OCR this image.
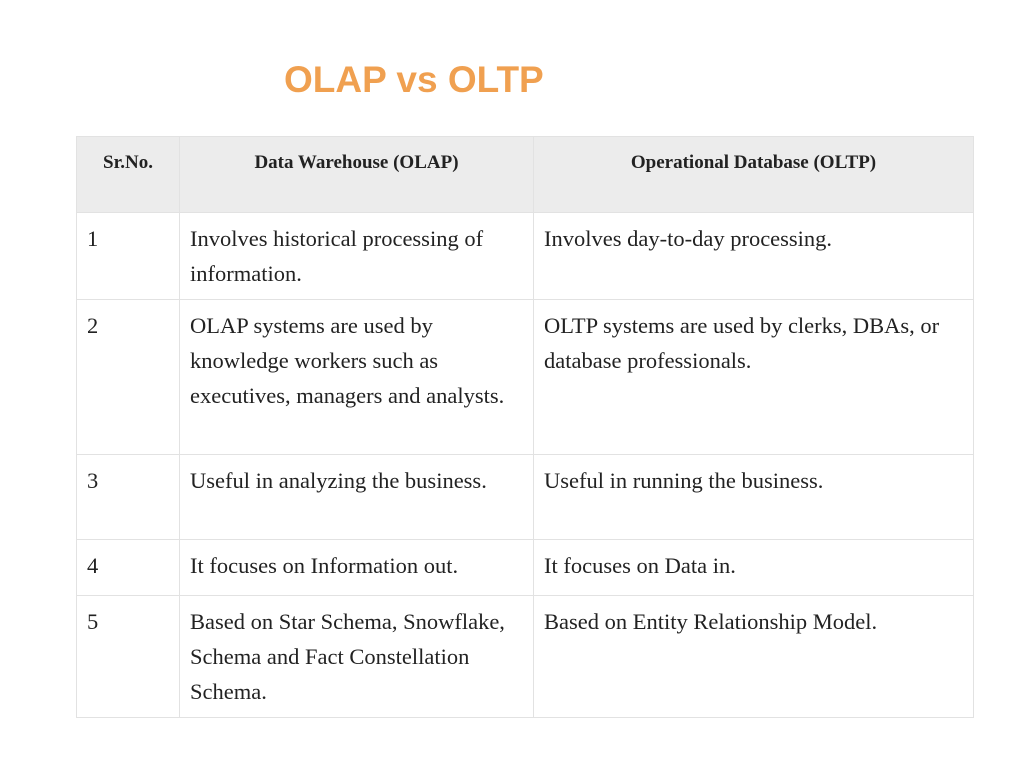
OLAP vs OLTP
Sr.No.	Data Warehouse (OLAP)	Operational Database (OLTP)
1	Involves historical processing of information.	Involves day-to-day processing.
2	OLAP systems are used by knowledge workers such as executives, managers and analysts.	OLTP systems are used by clerks, DBAs, or database professionals.
3	Useful in analyzing the business.	Useful in running the business.
4	It focuses on Information out.	It focuses on Data in.
5	Based on Star Schema, Snowflake, Schema and Fact Constellation Schema.	Based on Entity Relationship Model.
